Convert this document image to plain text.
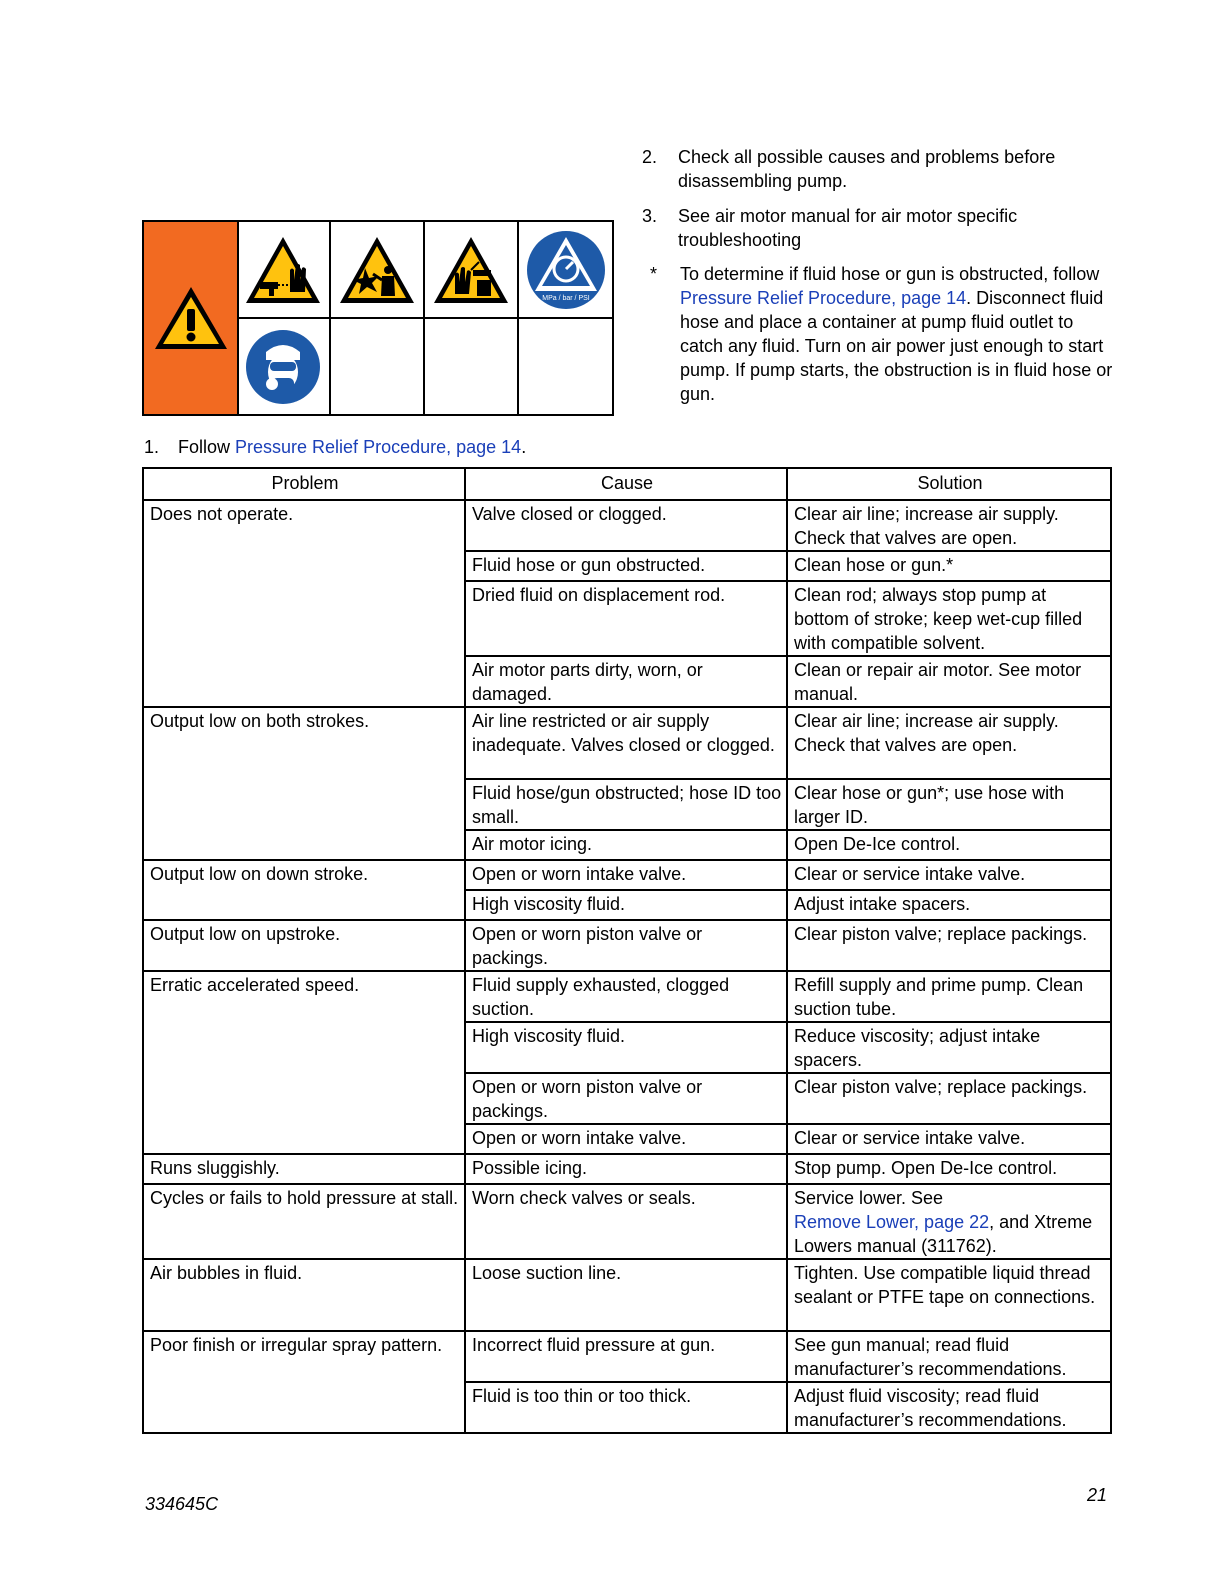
MPa / bar / PSI
2. Check all possible causes and problems before disassembling pump.
3. See air motor manual for air motor specific troubleshooting
* To determine if fluid hose or gun is obstructed, follow Pressure Relief Procedure, page 14. Disconnect fluid hose and place a container at pump fluid outlet to catch any fluid. Turn on air power just enough to start pump. If pump starts, the obstruction is in fluid hose or gun.
1. Follow Pressure Relief Procedure, page 14.
Problem	Cause	Solution
Does not operate.	Valve closed or clogged.	Clear air line; increase air supply. Check that valves are open.
	Fluid hose or gun obstructed.	Clean hose or gun.*
	Dried fluid on displacement rod.	Clean rod; always stop pump at bottom of stroke; keep wet-cup filled with compatible solvent.
	Air motor parts dirty, worn, or damaged.	Clean or repair air motor. See motor manual.
Output low on both strokes.	Air line restricted or air supply inadequate. Valves closed or clogged.	Clear air line; increase air supply. Check that valves are open.
	Fluid hose/gun obstructed; hose ID too small.	Clear hose or gun*; use hose with larger ID.
	Air motor icing.	Open De-Ice control.
Output low on down stroke.	Open or worn intake valve.	Clear or service intake valve.
	High viscosity fluid.	Adjust intake spacers.
Output low on upstroke.	Open or worn piston valve or packings.	Clear piston valve; replace packings.
Erratic accelerated speed.	Fluid supply exhausted, clogged suction.	Refill supply and prime pump. Clean suction tube.
	High viscosity fluid.	Reduce viscosity; adjust intake spacers.
	Open or worn piston valve or packings.	Clear piston valve; replace packings.
	Open or worn intake valve.	Clear or service intake valve.
Runs sluggishly.	Possible icing.	Stop pump. Open De-Ice control.
Cycles or fails to hold pressure at stall.	Worn check valves or seals.	Service lower. See
Remove Lower, page 22, and Xtreme Lowers manual (311762).
Air bubbles in fluid.	Loose suction line.	Tighten. Use compatible liquid thread sealant or PTFE tape on connections.
Poor finish or irregular spray pattern.	Incorrect fluid pressure at gun.	See gun manual; read fluid manufacturer’s recommendations.
	Fluid is too thin or too thick.	Adjust fluid viscosity; read fluid manufacturer’s recommendations.
334645C	21
